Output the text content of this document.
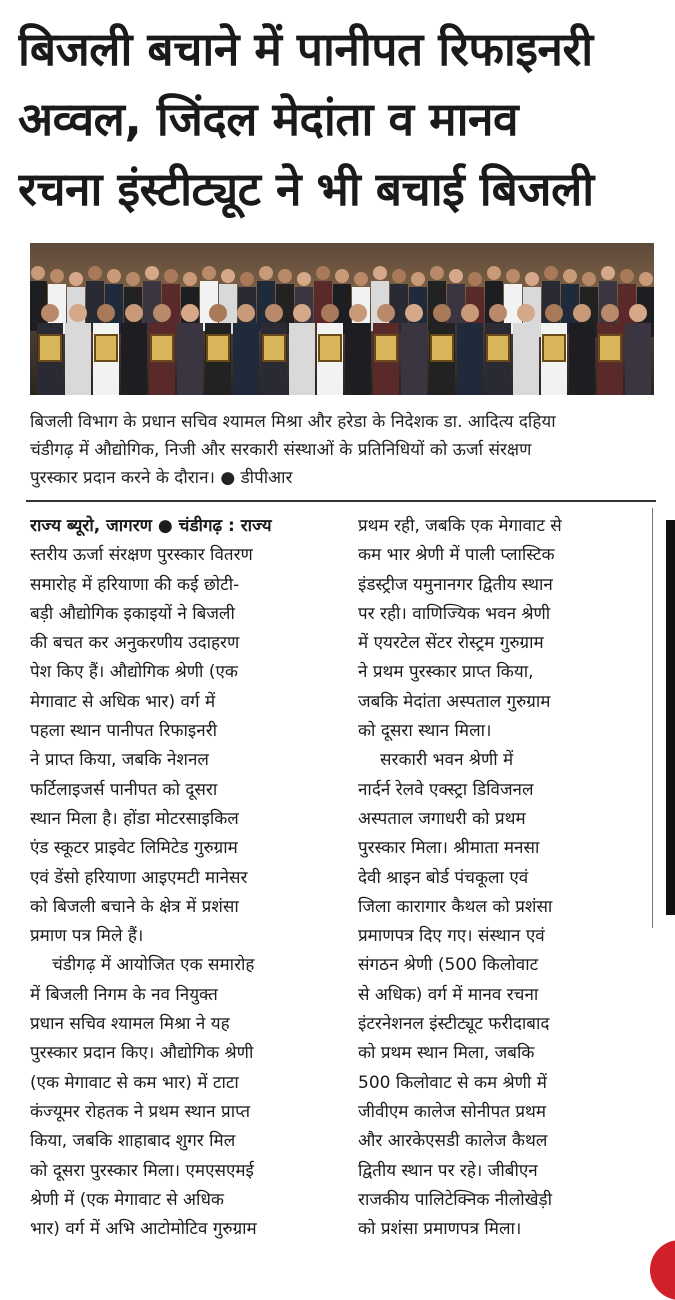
बिजली बचाने में पानीपत रिफाइनरी
अव्वल, जिंदल मेदांता व मानव
रचना इंस्टीट्यूट ने भी बचाई बिजली
बिजली विभाग के प्रधान सचिव श्यामल मिश्रा और हरेडा के निदेशक डा. आदित्य दहिया
चंडीगढ़ में औद्योगिक, निजी और सरकारी संस्थाओं के प्रतिनिधियों को ऊर्जा संरक्षण
पुरस्कार प्रदान करने के दौरान। ● डीपीआर
राज्य ब्यूरो, जागरण ● चंडीगढ़ : राज्य
स्तरीय ऊर्जा संरक्षण पुरस्कार वितरण
समारोह में हरियाणा की कई छोटी-
बड़ी औद्योगिक इकाइयों ने बिजली
की बचत कर अनुकरणीय उदाहरण
पेश किए हैं। औद्योगिक श्रेणी (एक
मेगावाट से अधिक भार) वर्ग में
पहला स्थान पानीपत रिफाइनरी
ने प्राप्त किया, जबकि नेशनल
फर्टिलाइजर्स पानीपत को दूसरा
स्थान मिला है। होंडा मोटरसाइकिल
एंड स्कूटर प्राइवेट लिमिटेड गुरुग्राम
एवं डेंसो हरियाणा आइएमटी मानेसर
को बिजली बचाने के क्षेत्र में प्रशंसा
प्रमाण पत्र मिले हैं।
चंडीगढ़ में आयोजित एक समारोह
में बिजली निगम के नव नियुक्त
प्रधान सचिव श्यामल मिश्रा ने यह
पुरस्कार प्रदान किए। औद्योगिक श्रेणी
(एक मेगावाट से कम भार) में टाटा
कंज्यूमर रोहतक ने प्रथम स्थान प्राप्त
किया, जबकि शाहाबाद शुगर मिल
को दूसरा पुरस्कार मिला। एमएसएमई
श्रेणी में (एक मेगावाट से अधिक
भार) वर्ग में अभि आटोमोटिव गुरुग्राम
प्रथम रही, जबकि एक मेगावाट से
कम भार श्रेणी में पाली प्लास्टिक
इंडस्ट्रीज यमुनानगर द्वितीय स्थान
पर रही। वाणिज्यिक भवन श्रेणी
में एयरटेल सेंटर रोस्ट्रम गुरुग्राम
ने प्रथम पुरस्कार प्राप्त किया,
जबकि मेदांता अस्पताल गुरुग्राम
को दूसरा स्थान मिला।
सरकारी भवन श्रेणी में
नार्दर्न रेलवे एक्स्ट्रा डिविजनल
अस्पताल जगाधरी को प्रथम
पुरस्कार मिला। श्रीमाता मनसा
देवी श्राइन बोर्ड पंचकूला एवं
जिला कारागार कैथल को प्रशंसा
प्रमाणपत्र दिए गए। संस्थान एवं
संगठन श्रेणी (500 किलोवाट
से अधिक) वर्ग में मानव रचना
इंटरनेशनल इंस्टीट्यूट फरीदाबाद
को प्रथम स्थान मिला, जबकि
500 किलोवाट से कम श्रेणी में
जीवीएम कालेज सोनीपत प्रथम
और आरकेएसडी कालेज कैथल
द्वितीय स्थान पर रहे। जीबीएन
राजकीय पालिटेक्निक नीलोखेड़ी
को प्रशंसा प्रमाणपत्र मिला।
